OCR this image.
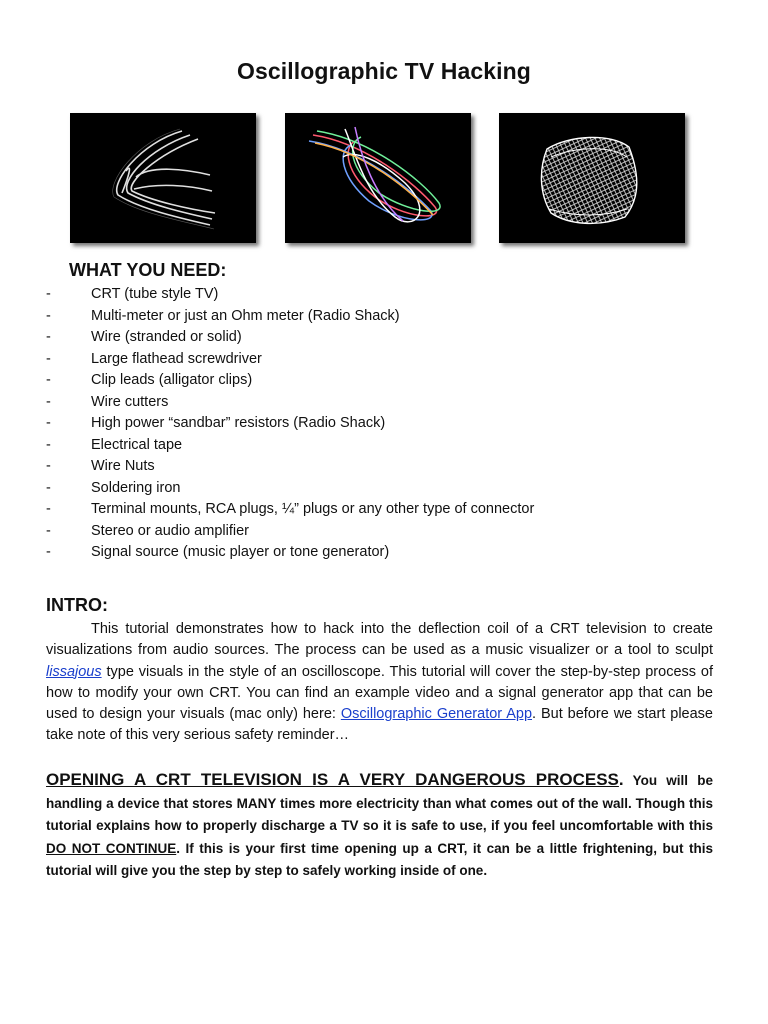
Oscillographic TV Hacking
WHAT YOU NEED:
-	CRT (tube style TV)
-	Multi-meter or just an Ohm meter (Radio Shack)
-	Wire (stranded or solid)
-	Large flathead screwdriver
-	Clip leads (alligator clips)
-	Wire cutters
-	High power “sandbar” resistors (Radio Shack)
-	Electrical tape
-	Wire Nuts
-	Soldering iron
-	Terminal mounts, RCA plugs, ¼” plugs or any other type of connector
-	Stereo or audio amplifier
-	Signal source (music player or tone generator)
INTRO:

This tutorial demonstrates how to hack into the deflection coil of a CRT television to create visualizations from audio sources. The process can be used as a music visualizer or a tool to sculpt lissajous type visuals in the style of an oscilloscope. This tutorial will cover the step-by-step process of how to modify your own CRT. You can find an example video and a signal generator app that can be used to design your visuals (mac only) here: Oscillographic Generator App. But before we start please take note of this very serious safety reminder…

OPENING A CRT TELEVISION IS A VERY DANGEROUS PROCESS. You will be handling a device that stores MANY times more electricity than what comes out of the wall. Though this tutorial explains how to properly discharge a TV so it is safe to use, if you feel uncomfortable with this DO NOT CONTINUE. If this is your first time opening up a CRT, it can be a little frightening, but this tutorial will give you the step by step to safely working inside of one.
